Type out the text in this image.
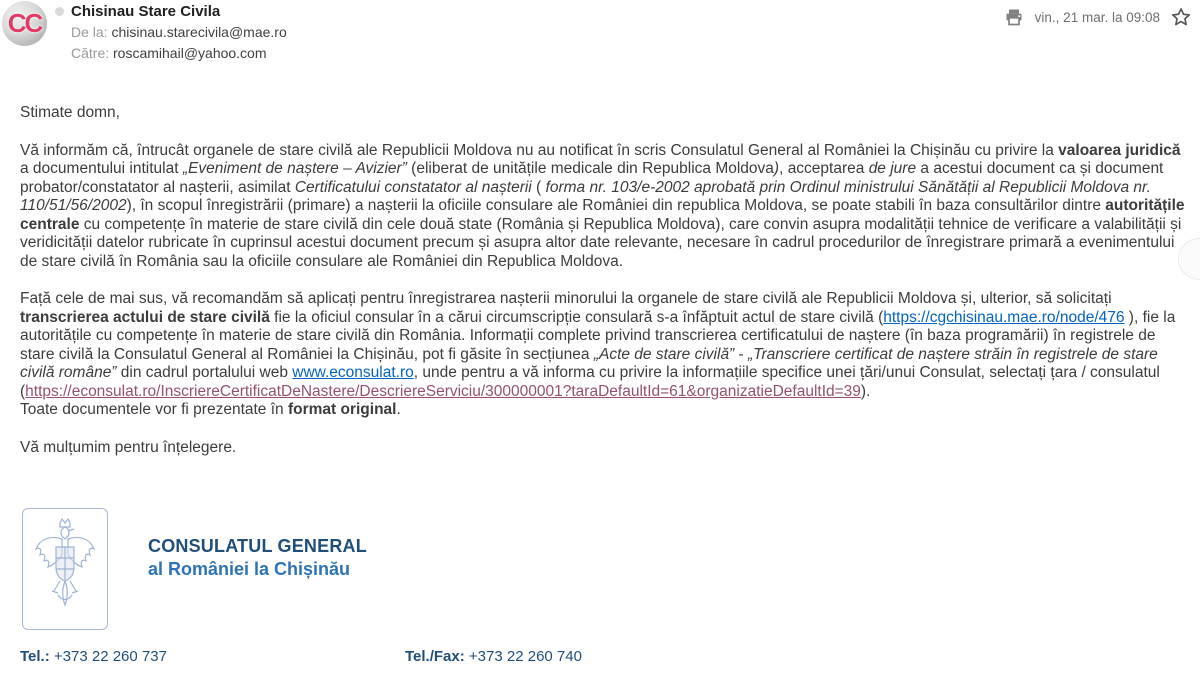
CC	Chisinau Stare Civila
De la: chisinau.starecivila@mae.ro
Către: roscamihail@yahoo.com
vin., 21 mar. la 09:08

Stimate domn,

Vă informăm că, întrucât organele de stare civilă ale Republicii Moldova nu au notificat în scris Consulatul General al României la Chișinău cu privire la valoarea juridică a documentului intitulat „Eveniment de naștere – Avizier” (eliberat de unitățile medicale din Republica Moldova), acceptarea de jure a acestui document ca și document probator/constatator al nașterii, asimilat Certificatului constatator al nașterii ( forma nr. 103/e-2002 aprobată prin Ordinul ministrului Sănătății al Republicii Moldova nr. 110/51/56/2002), în scopul înregistrării (primare) a nașterii la oficiile consulare ale României din republica Moldova, se poate stabili în baza consultărilor dintre autoritățile centrale cu competențe în materie de stare civilă din cele două state (România și Republica Moldova), care convin asupra modalității tehnice de verificare a valabilității și veridicității datelor rubricate în cuprinsul acestui document precum și asupra altor date relevante, necesare în cadrul procedurilor de înregistrare primară a evenimentului de stare civilă în România sau la oficiile consulare ale României din Republica Moldova.

Față cele de mai sus, vă recomandăm să aplicați pentru înregistrarea nașterii minorului la organele de stare civilă ale Republicii Moldova și, ulterior, să solicitați transcrierea actului de stare civilă fie la oficiul consular în a cărui circumscripție consulară s-a înfăptuit actul de stare civilă (https://cgchisinau.mae.ro/node/476 ), fie la autoritățile cu competențe în materie de stare civilă din România. Informații complete privind transcrierea certificatului de naștere (în baza programării) în registrele de stare civilă la Consulatul General al României la Chișinău, pot fi găsite în secțiunea „Acte de stare civilă” - „Transcriere certificat de naștere străin în registrele de stare civilă române” din cadrul portalului web www.econsulat.ro, unde pentru a vă informa cu privire la informațiile specifice unei țări/unui Consulat, selectați țara / consulatul (https://econsulat.ro/InscriereCertificatDeNastere/DescriereServiciu/300000001?taraDefaultId=61&organizatieDefaultId=39).

Toate documentele vor fi prezentate în format original.

Vă mulțumim pentru înțelegere.

CONSULATUL GENERAL
al României la Chișinău
Tel.: +373 22 260 737	Tel./Fax: +373 22 260 740
